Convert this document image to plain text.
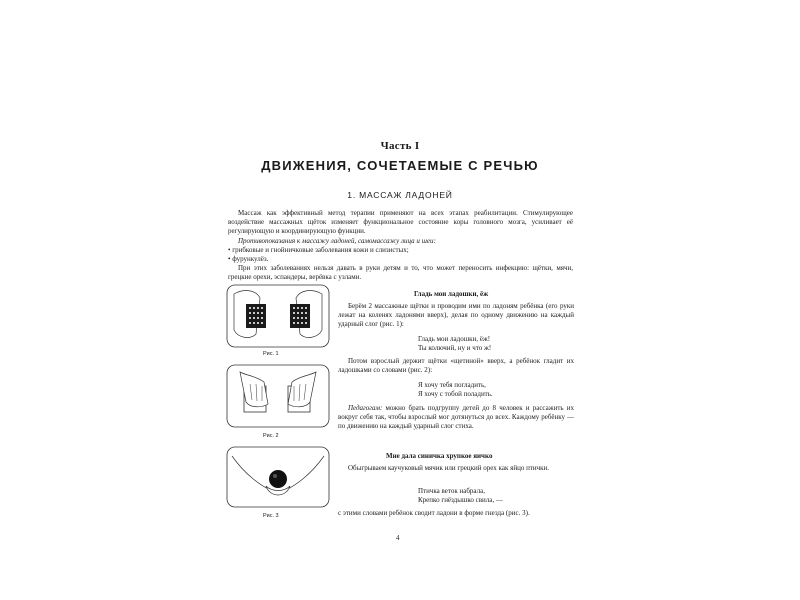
Часть I
ДВИЖЕНИЯ, СОЧЕТАЕМЫЕ С РЕЧЬЮ
1. МАССАЖ ЛАДОНЕЙ

Массаж как эффективный метод терапии применяют на всех этапах реабилитации. Стимулирующее воздействие массажных щёток изменяет функциональное состояние коры головного мозга, усиливает её регулирующую и координирующую функции.

Противопоказания к массажу ладоней, самомассажу лица и шеи:

• грибковые и гнойничковые заболевания кожи и слизистых;

• фурункулёз.

При этих заболеваниях нельзя давать в руки детям и то, что может переносить инфекцию: щётки, мячи, грецкие орехи, эспандеры, верёвка с узлами.

Рис. 1
Рис. 2
Рис. 3
Гладь мои ладошки, ёж
Берём 2 массажные щётки и проводим ими по ладоням ребёнка (его руки лежат на коленях ладонями вверх), делая по одному движению на каждый ударный слог (рис. 1):
Гладь мои ладошки, ёж!
Ты колючий, ну и что ж!
Потом взрослый держит щётки «щетиной» вверх, а ребёнок гладит их ладошками со словами (рис. 2):
Я хочу тебя погладить,
Я хочу с тобой поладить.
Педагогам: можно брать подгруппу детей до 8 человек и рассажить их вокруг себя так, чтобы взрослый мог дотянуться до всех. Каждому ребёнку — по движению на каждый ударный слог стиха.
Мне дала синичка хрупкое яичко
Обыгрываем каучуковый мячик или грецкий орех как яйцо птички.
Птичка веток набрала,
Крепко гнёздышко свила, —
с этими словами ребёнок сводит ладони в форме гнезда (рис. 3).
4
